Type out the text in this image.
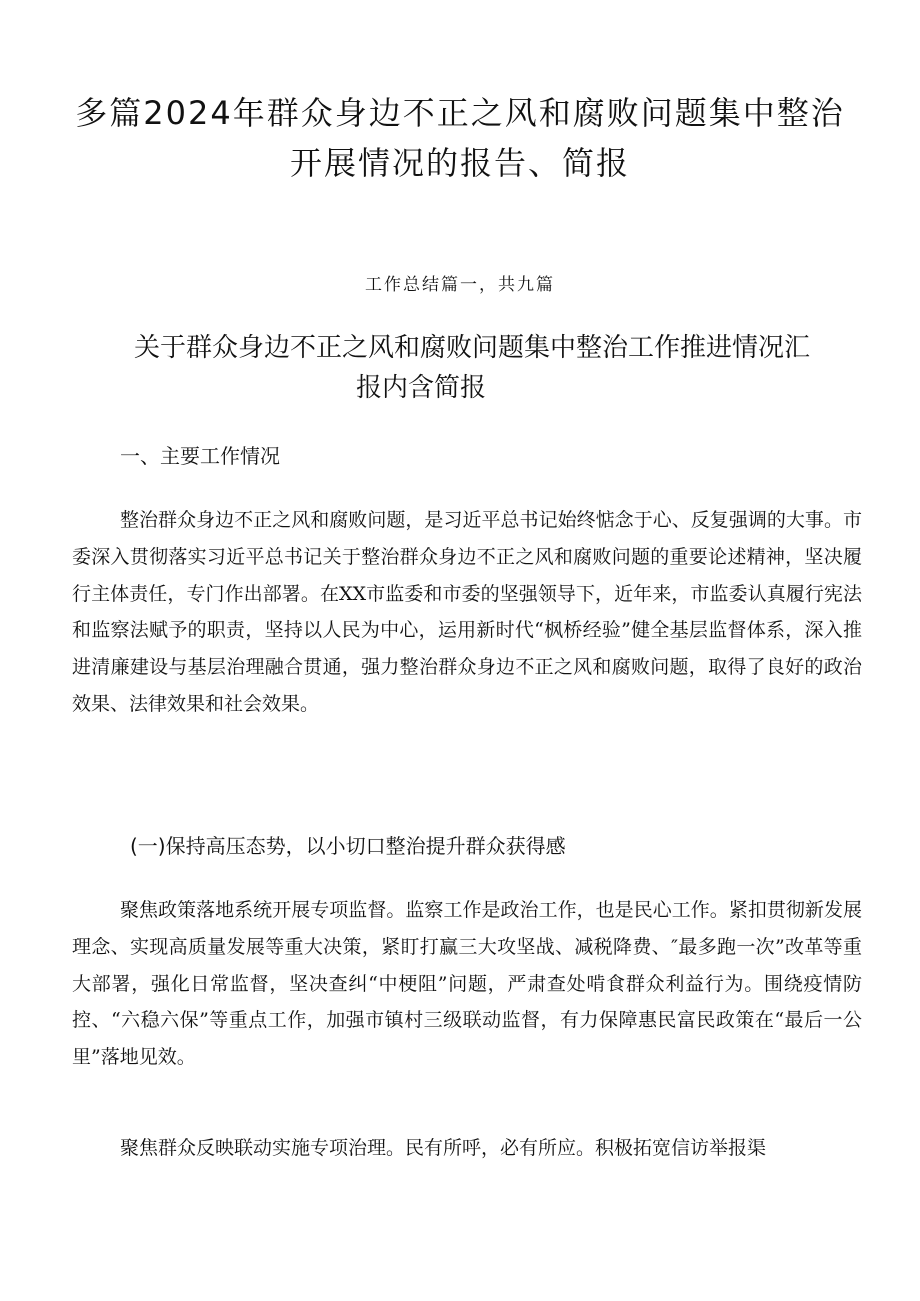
多篇2024年群众身边不正之风和腐败问题集中整治
开展情况的报告、简报
工作总结篇一，共九篇
关于群众身边不正之风和腐败问题集中整治工作推进情况汇
报内含简报
一、主要工作情况

整治群众身边不正之风和腐败问题，是习近平总书记始终惦念于心、反复强调的大事。市委深入贯彻落实习近平总书记关于整治群众身边不正之风和腐败问题的重要论述精神，坚决履行主体责任，专门作出部署。在XX市监委和市委的坚强领导下，近年来，市监委认真履行宪法和监察法赋予的职责，坚持以人民为中心，运用新时代“枫桥经验”健全基层监督体系，深入推进清廉建设与基层治理融合贯通，强力整治群众身边不正之风和腐败问题，取得了良好的政治效果、法律效果和社会效果。

(一)保持高压态势，以小切口整治提升群众获得感

聚焦政策落地系统开展专项监督。监察工作是政治工作，也是民心工作。紧扣贯彻新发展理念、实现高质量发展等重大决策，紧盯打赢三大攻坚战、减税降费、″最多跑一次”改革等重大部署，强化日常监督，坚决查纠“中梗阻”问题，严肃查处啃食群众利益行为。围绕疫情防控、“六稳六保”等重点工作，加强市镇村三级联动监督，有力保障惠民富民政策在“最后一公里”落地见效。

聚焦群众反映联动实施专项治理。民有所呼，必有所应。积极拓宽信访举报渠
